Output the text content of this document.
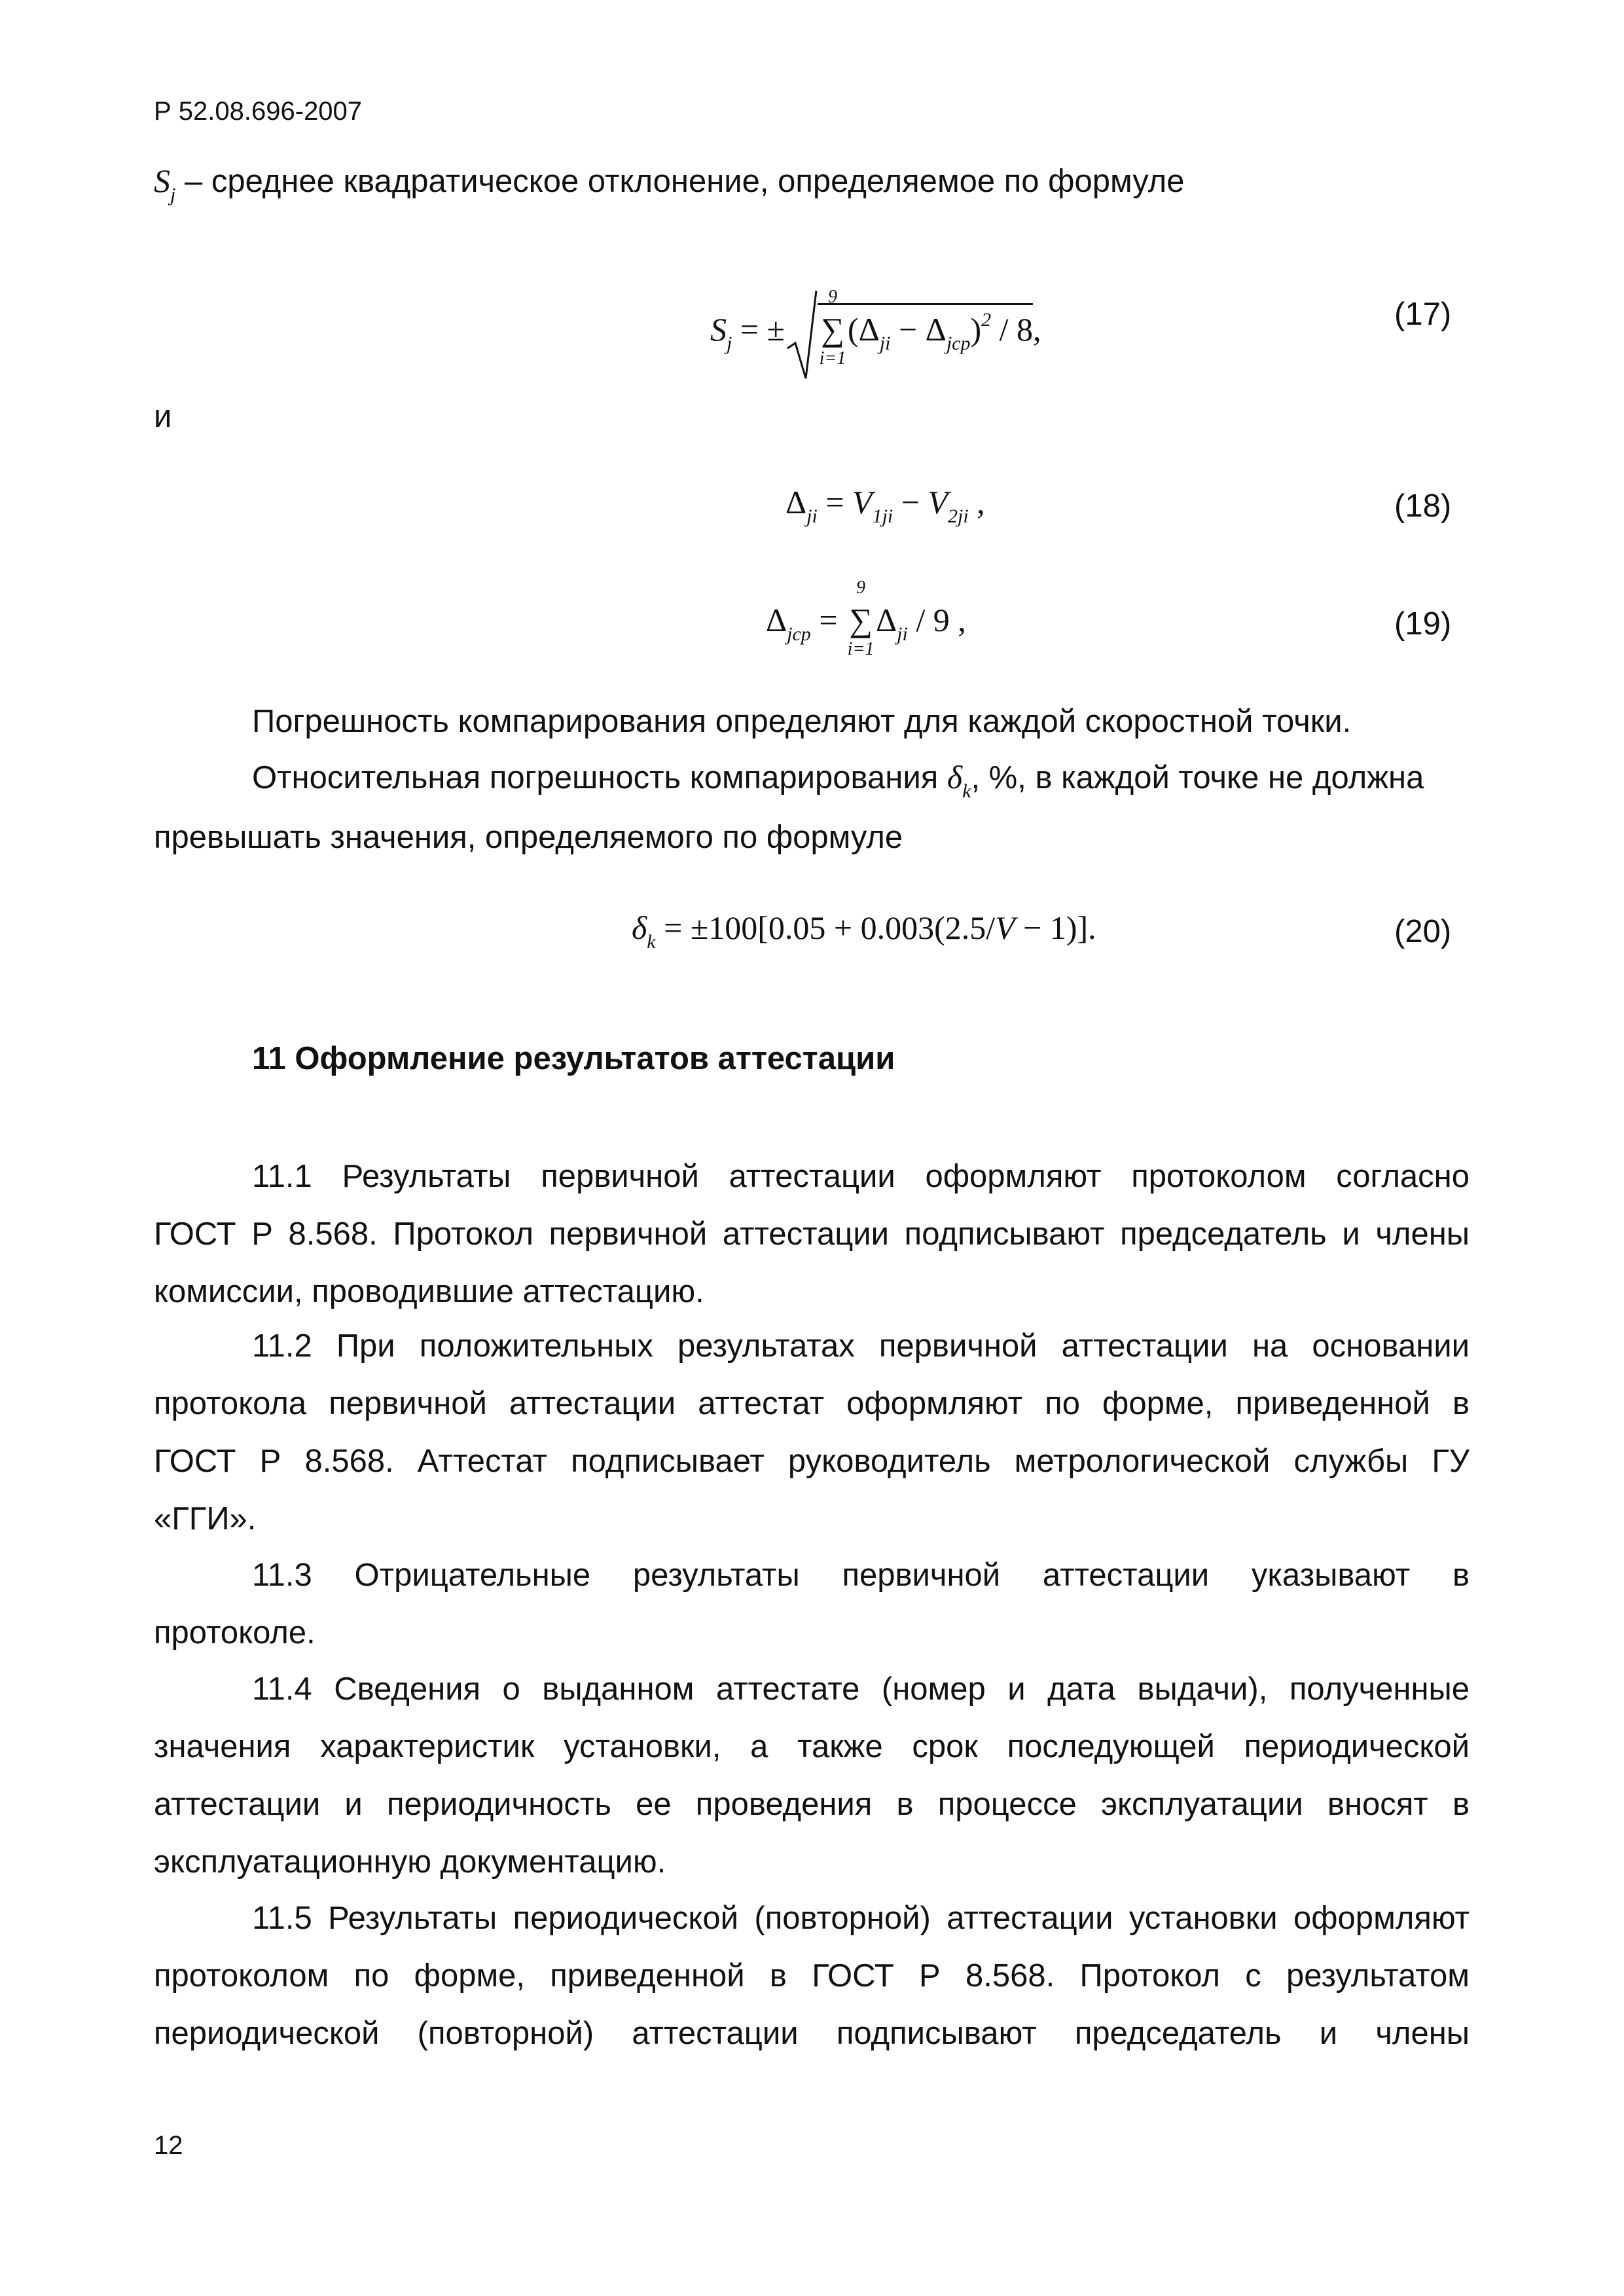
Р 52.08.696-2007
$S_j$ – среднее квадратическое отклонение, определяемое по формуле
$S_j$ = ±
9
∑
i=1
$(\Delta_{ji} - \Delta_{jcp})^2 / 8$,	(17)
и
$\Delta_{ji} = V_{1ji} - V_{2ji}$ ,	(18)
$\Delta_{jcp}$ =
9
∑
i=1
$\Delta_{ji} / 9$ ,	(19)
Погрешность компарирования определяют для каждой скоростной точки.
Относительная погрешность компарирования $\delta_k$, %, в каждой точке не должна
превышать значения, определяемого по формуле
$\delta_k = \pm 100[0.05 + 0.003(2.5/V - 1)]$.	(20)
11 Оформление результатов аттестации
11.1 Результаты первичной аттестации оформляют протоколом согласно
ГОСТ Р 8.568. Протокол первичной аттестации подписывают председатель и члены
комиссии, проводившие аттестацию.
11.2 При положительных результатах первичной аттестации на основании
протокола первичной аттестации аттестат оформляют по форме, приведенной в
ГОСТ Р 8.568. Аттестат подписывает руководитель метрологической службы ГУ
«ГГИ».
11.3 Отрицательные результаты первичной аттестации указывают в
протоколе.
11.4 Сведения о выданном аттестате (номер и дата выдачи), полученные
значения характеристик установки, а также срок последующей периодической
аттестации и периодичность ее проведения в процессе эксплуатации вносят в
эксплуатационную документацию.
11.5 Результаты периодической (повторной) аттестации установки оформляют
протоколом по форме, приведенной в ГОСТ Р 8.568. Протокол с результатом
периодической (повторной) аттестации подписывают председатель и члены
12
